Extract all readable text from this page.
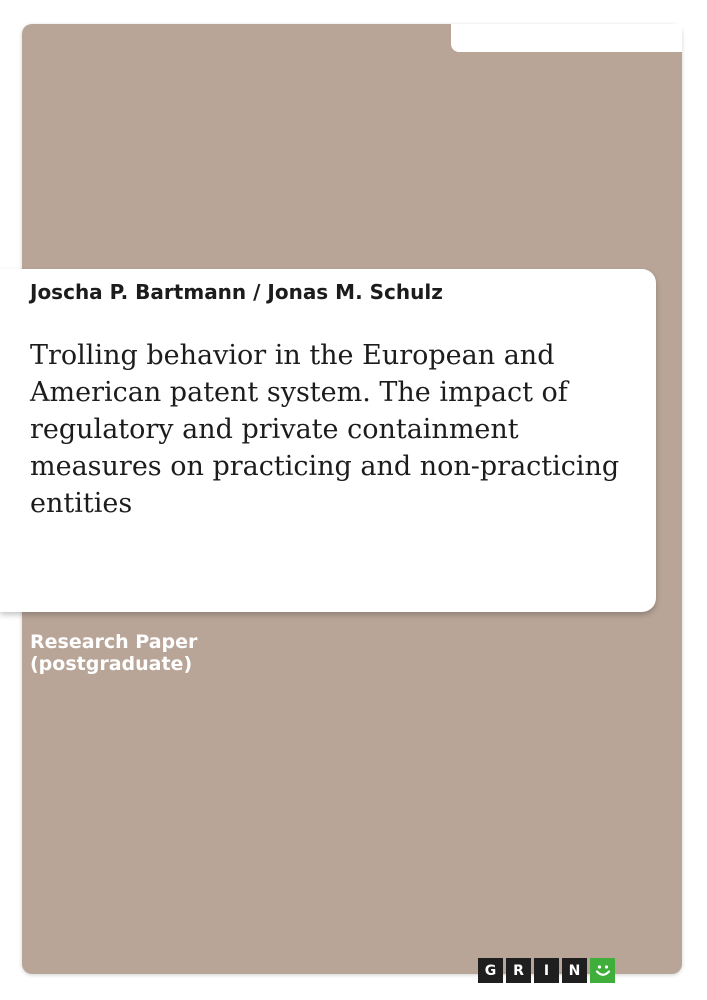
Joscha P. Bartmann / Jonas M. Schulz
Trolling behavior in the European and American patent system. The impact of regulatory and private containment measures on practicing and non-practicing entities
Research Paper
(postgraduate)
G	R	I	N
